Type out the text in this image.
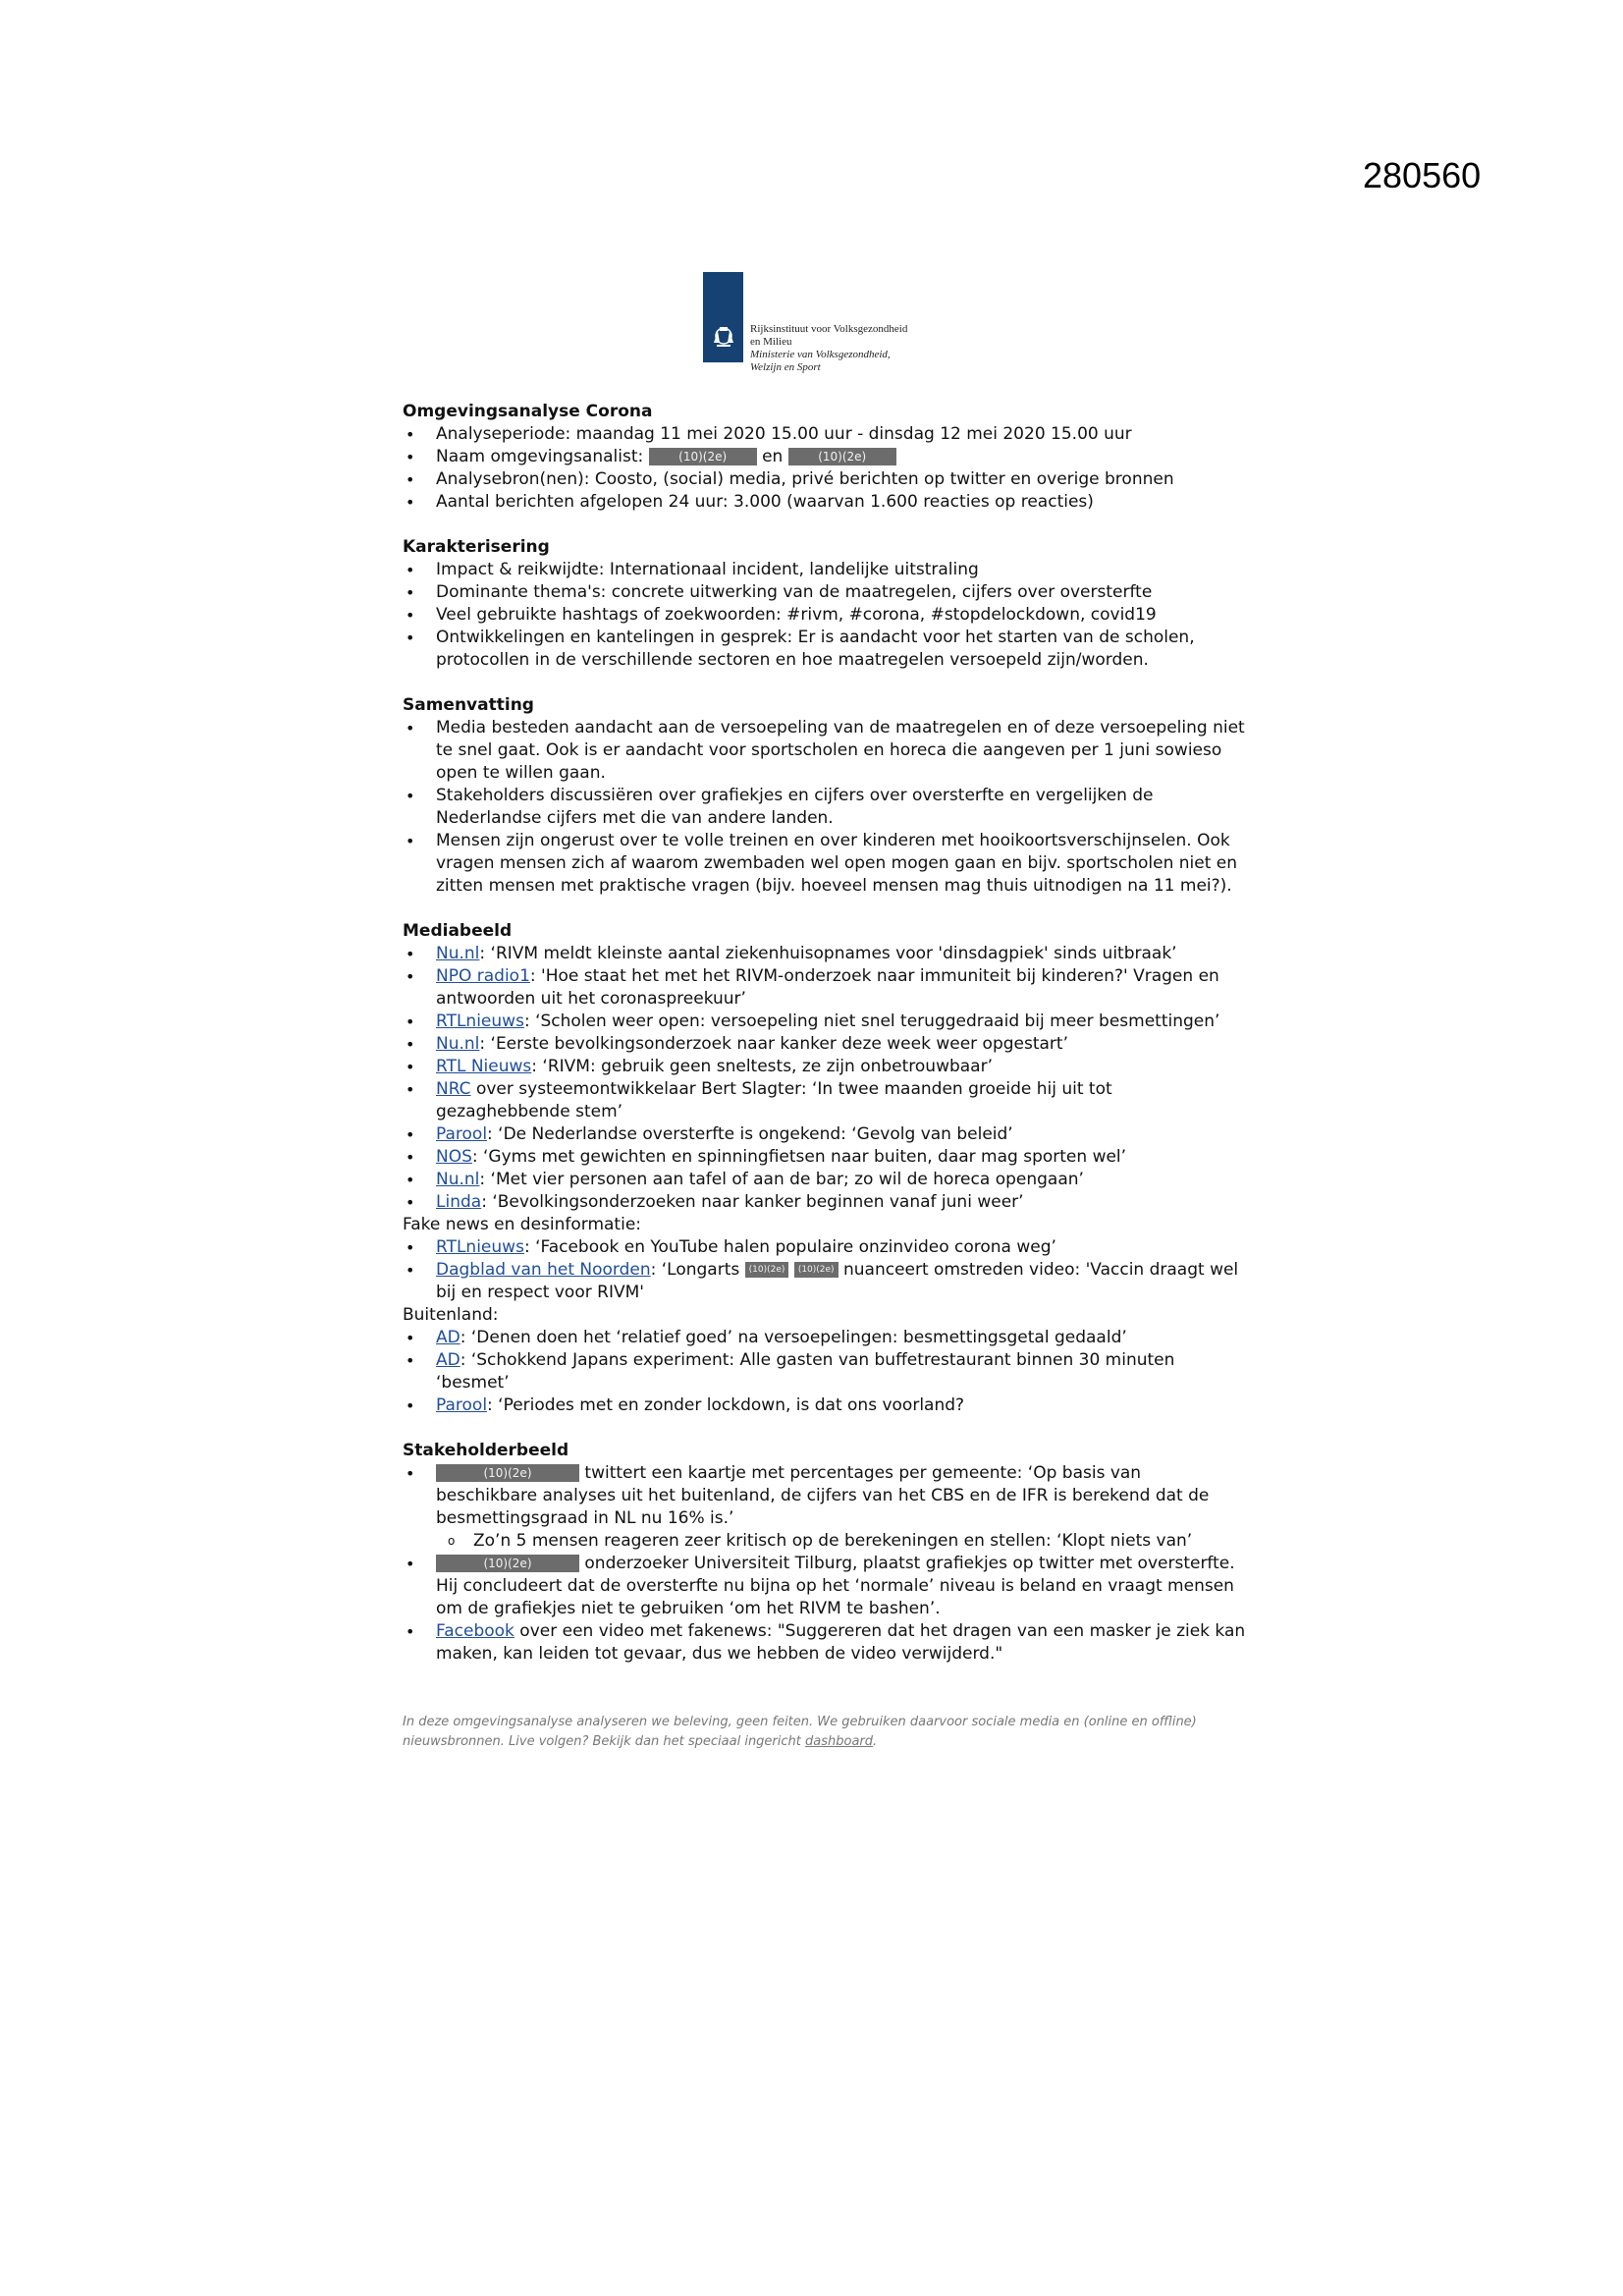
280560
Rijksinstituut voor Volksgezondheid
en Milieu
Ministerie van Volksgezondheid,
Welzijn en Sport
Omgevingsanalyse Corona
• Analyseperiode: maandag 11 mei 2020 15.00 uur - dinsdag 12 mei 2020 15.00 uur
• Naam omgevingsanalist:	(10)(2e) en	(10)(2e)
• Analysebron(nen): Coosto, (social) media, privé berichten op twitter en overige bronnen
• Aantal berichten afgelopen 24 uur: 3.000 (waarvan 1.600 reacties op reacties)
Karakterisering
• Impact & reikwijdte: Internationaal incident, landelijke uitstraling
• Dominante thema's: concrete uitwerking van de maatregelen, cijfers over oversterfte
• Veel gebruikte hashtags of zoekwoorden: #rivm, #corona, #stopdelockdown, covid19
• Ontwikkelingen en kantelingen in gesprek: Er is aandacht voor het starten van de scholen, protocollen in de verschillende sectoren en hoe maatregelen versoepeld zijn/worden.
Samenvatting
• Media besteden aandacht aan de versoepeling van de maatregelen en of deze versoepeling niet te snel gaat. Ook is er aandacht voor sportscholen en horeca die aangeven per 1 juni sowieso open te willen gaan.
• Stakeholders discussiëren over grafiekjes en cijfers over oversterfte en vergelijken de Nederlandse cijfers met die van andere landen.
• Mensen zijn ongerust over te volle treinen en over kinderen met hooikoortsverschijnselen. Ook vragen mensen zich af waarom zwembaden wel open mogen gaan en bijv. sportscholen niet en zitten mensen met praktische vragen (bijv. hoeveel mensen mag thuis uitnodigen na 11 mei?).
Mediabeeld
• Nu.nl: ‘RIVM meldt kleinste aantal ziekenhuisopnames voor 'dinsdagpiek' sinds uitbraak’
• NPO radio1: 'Hoe staat het met het RIVM-onderzoek naar immuniteit bij kinderen?' Vragen en antwoorden uit het coronaspreekuur’
• RTLnieuws: ‘Scholen weer open: versoepeling niet snel teruggedraaid bij meer besmettingen’
• Nu.nl: ‘Eerste bevolkingsonderzoek naar kanker deze week weer opgestart’
• RTL Nieuws: ‘RIVM: gebruik geen sneltests, ze zijn onbetrouwbaar’
• NRC over systeemontwikkelaar Bert Slagter: ‘In twee maanden groeide hij uit tot gezaghebbende stem’
• Parool: ‘De Nederlandse oversterfte is ongekend: ‘Gevolg van beleid’
• NOS: ‘Gyms met gewichten en spinningfietsen naar buiten, daar mag sporten wel’
• Nu.nl: ‘Met vier personen aan tafel of aan de bar; zo wil de horeca opengaan’
• Linda: ‘Bevolkingsonderzoeken naar kanker beginnen vanaf juni weer’

Fake news en desinformatie:

• RTLnieuws: ‘Facebook en YouTube halen populaire onzinvideo corona weg’
• Dagblad van het Noorden: ‘Longarts (10)(2e) (10)(2e) nuanceert omstreden video: 'Vaccin draagt wel bij en respect voor RIVM'

Buitenland:

• AD: ‘Denen doen het ‘relatief goed’ na versoepelingen: besmettingsgetal gedaald’
• AD: ‘Schokkend Japans experiment: Alle gasten van buffetrestaurant binnen 30 minuten ‘besmet’
• Parool: ‘Periodes met en zonder lockdown, is dat ons voorland?
Stakeholderbeeld
• (10)(2e)	twittert een kaartje met percentages per gemeente: ‘Op basis van beschikbare analyses uit het buitenland, de cijfers van het CBS en de IFR is berekend dat de besmettingsgraad in NL nu 16% is.’
o Zo’n 5 mensen reageren zeer kritisch op de berekeningen en stellen: ‘Klopt niets van’
• (10)(2e)	onderzoeker Universiteit Tilburg, plaatst grafiekjes op twitter met oversterfte. Hij concludeert dat de oversterfte nu bijna op het ‘normale’ niveau is beland en vraagt mensen om de grafiekjes niet te gebruiken ‘om het RIVM te bashen’.
• Facebook over een video met fakenews: "Suggereren dat het dragen van een masker je ziek kan maken, kan leiden tot gevaar, dus we hebben de video verwijderd."
In deze omgevingsanalyse analyseren we beleving, geen feiten. We gebruiken daarvoor sociale media en (online en offline) nieuwsbronnen. Live volgen? Bekijk dan het speciaal ingericht dashboard.
